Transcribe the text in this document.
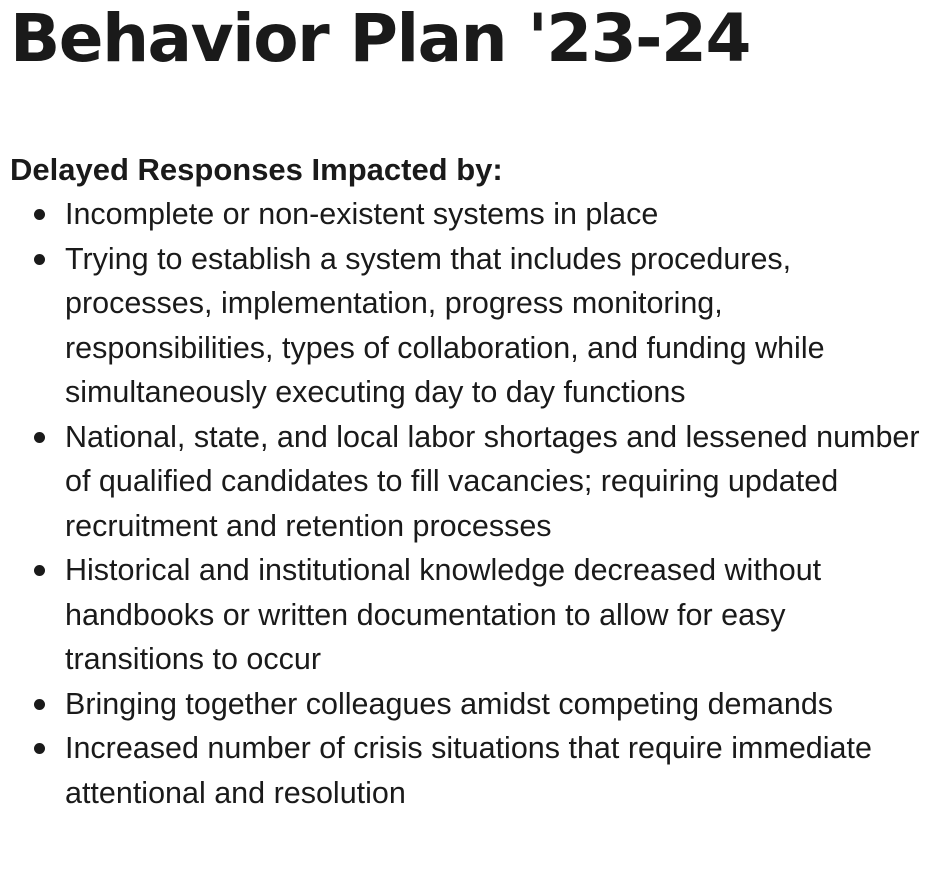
Behavior Plan '23-24
Delayed Responses Impacted by:
Incomplete or non-existent systems in place
Trying to establish a system that includes procedures, processes, implementation, progress monitoring, responsibilities, types of collaboration, and funding while simultaneously executing day to day functions
National, state, and local labor shortages and lessened number of qualified candidates to fill vacancies; requiring updated recruitment and retention processes
Historical and institutional knowledge decreased without handbooks or written documentation to allow for easy transitions to occur
Bringing together colleagues amidst competing demands
Increased number of crisis situations that require immediate attentional and resolution
